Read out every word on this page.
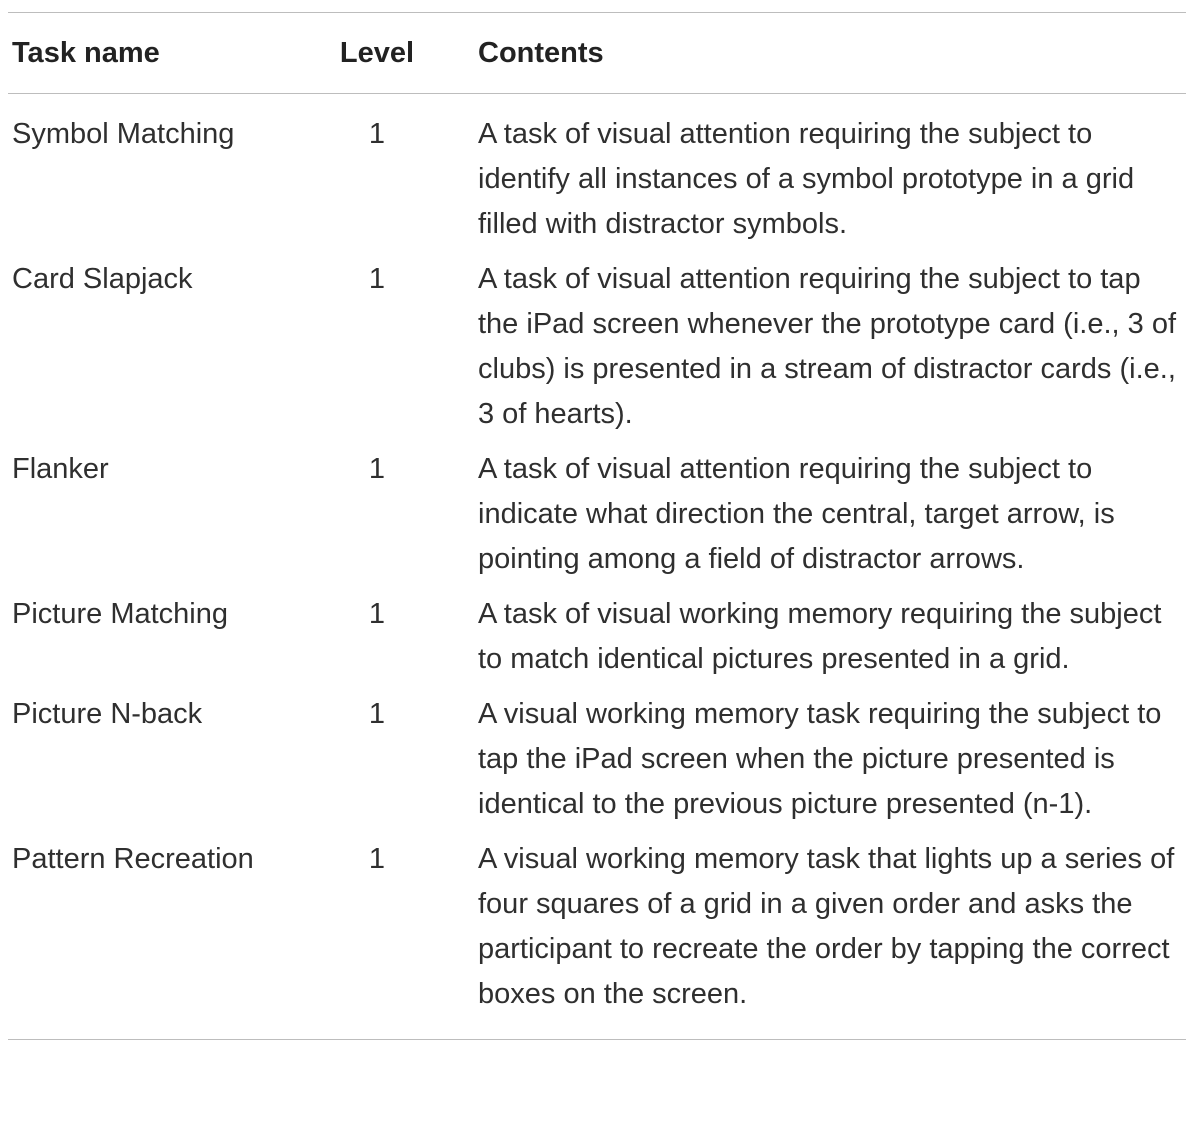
Task name	Level	Contents
Symbol Matching	1	A task of visual attention requiring the subject to identify all instances of a symbol prototype in a grid filled with distractor symbols.
Card Slapjack	1	A task of visual attention requiring the subject to tap the iPad screen whenever the prototype card (i.e., 3 of clubs) is presented in a stream of distractor cards (i.e., 3 of hearts).
Flanker	1	A task of visual attention requiring the subject to indicate what direction the central, target arrow, is pointing among a field of distractor arrows.
Picture Matching	1	A task of visual working memory requiring the subject to match identical pictures presented in a grid.
Picture N-back	1	A visual working memory task requiring the subject to tap the iPad screen when the picture presented is identical to the previous picture presented (n-1).
Pattern Recreation	1	A visual working memory task that lights up a series of four squares of a grid in a given order and asks the participant to recreate the order by tapping the correct boxes on the screen.
